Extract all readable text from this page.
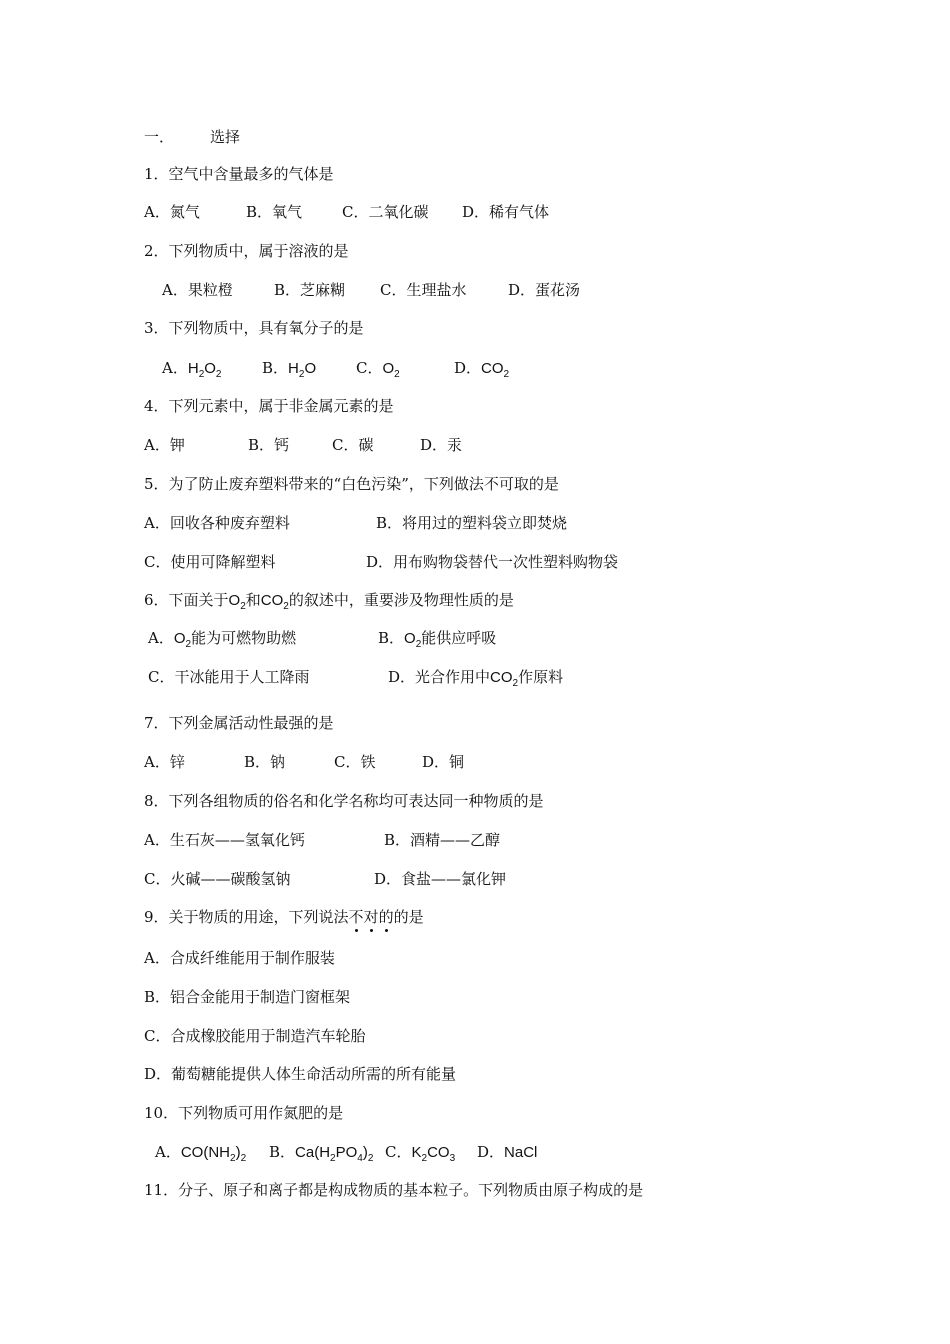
一． 选择
1．空气中含量最多的气体是
A．氮气	B．氧气	C．二氧化碳 D．稀有气体
2．下列物质中，属于溶液的是
A．果粒橙	B．芝麻糊 C．生理盐水	D．蛋花汤
3．下列物质中，具有氧分子的是
A．$H_2O_2$	B．$H_2O$	C．$O_2$	D．$CO_2$
4．下列元素中，属于非金属元素的是
A．钾	B．钙	C．碳	D．汞
5．为了防止废弃塑料带来的“白色污染”，下列做法不可取的是
A．回收各种废弃塑料	B．将用过的塑料袋立即焚烧
C．使用可降解塑料	D．用布购物袋替代一次性塑料购物袋
6．下面关于$O_2$和$CO_2$的叙述中，重要涉及物理性质的是
A．$O_2$能为可燃物助燃	B．$O_2$能供应呼吸
C．干冰能用于人工降雨	D．光合作用中$CO_2$作原料
7．下列金属活动性最强的是
A．锌	B．钠	C．铁	D．铜
8．下列各组物质的俗名和化学名称均可表达同一种物质的是
A．生石灰——氢氧化钙	B．酒精——乙醇
C．火碱——碳酸氢钠	D．食盐——氯化钾
9．关于物质的用途，下列说法不对的的是
A．合成纤维能用于制作服装
B．铝合金能用于制造门窗框架
C．合成橡胶能用于制造汽车轮胎
D．葡萄糖能提供人体生命活动所需的所有能量
10．下列物质可用作氮肥的是
A．$CO(NH_2)_2$ B．$Ca(H_2PO_4)_2$ C．$K_2CO_3$ D．NaCl
11．分子、原子和离子都是构成物质的基本粒子。下列物质由原子构成的是
